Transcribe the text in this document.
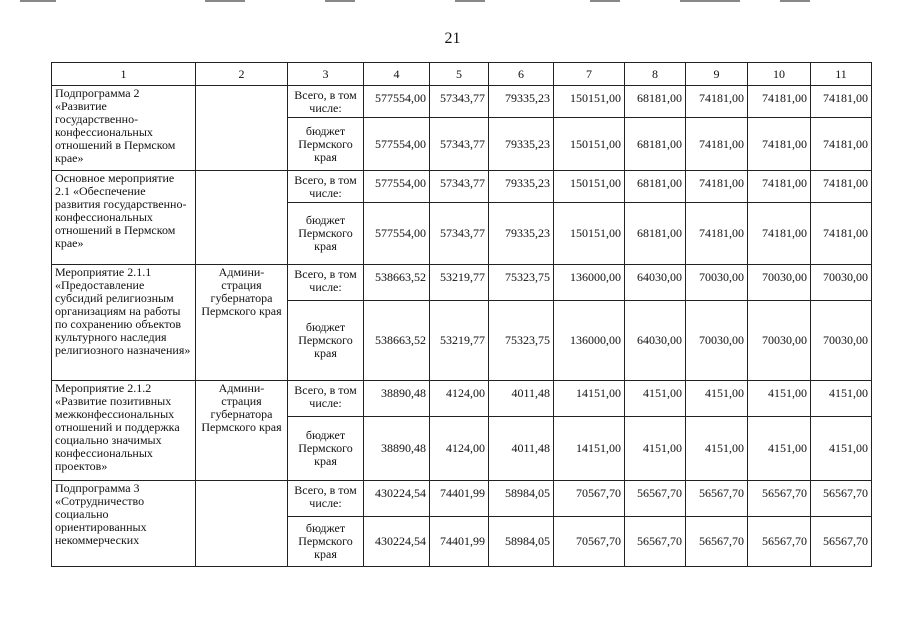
21
1	2	3	4	5	6	7	8	9	10	11
Подпрограмма 2 «Развитие государственно-конфессиональных отношений в Пермском крае»		Всего, в том числе:	577554,00	57343,77	79335,23	150151,00	68181,00	74181,00	74181,00	74181,00
		бюджет Пермского края	577554,00	57343,77	79335,23	150151,00	68181,00	74181,00	74181,00	74181,00
Основное мероприятие 2.1 «Обеспечение развития государственно-конфессиональных отношений в Пермском крае»		Всего, в том числе:	577554,00	57343,77	79335,23	150151,00	68181,00	74181,00	74181,00	74181,00
		бюджет Пермского края	577554,00	57343,77	79335,23	150151,00	68181,00	74181,00	74181,00	74181,00
Мероприятие 2.1.1 «Предоставление субсидий религиозным организациям на работы по сохранению объектов культурного наследия религиозного назначения»	Админи-страция губернатора Пермского края	Всего, в том числе:	538663,52	53219,77	75323,75	136000,00	64030,00	70030,00	70030,00	70030,00
		бюджет Пермского края	538663,52	53219,77	75323,75	136000,00	64030,00	70030,00	70030,00	70030,00
Мероприятие 2.1.2 «Развитие позитивных межконфессиональных отношений и поддержка социально значимых конфессиональных проектов»	Админи-страция губернатора Пермского края	Всего, в том числе:	38890,48	4124,00	4011,48	14151,00	4151,00	4151,00	4151,00	4151,00
		бюджет Пермского края	38890,48	4124,00	4011,48	14151,00	4151,00	4151,00	4151,00	4151,00
Подпрограмма 3 «Сотрудничество социально ориентированных некоммерческих		Всего, в том числе:	430224,54	74401,99	58984,05	70567,70	56567,70	56567,70	56567,70	56567,70
		бюджет Пермского края	430224,54	74401,99	58984,05	70567,70	56567,70	56567,70	56567,70	56567,70
